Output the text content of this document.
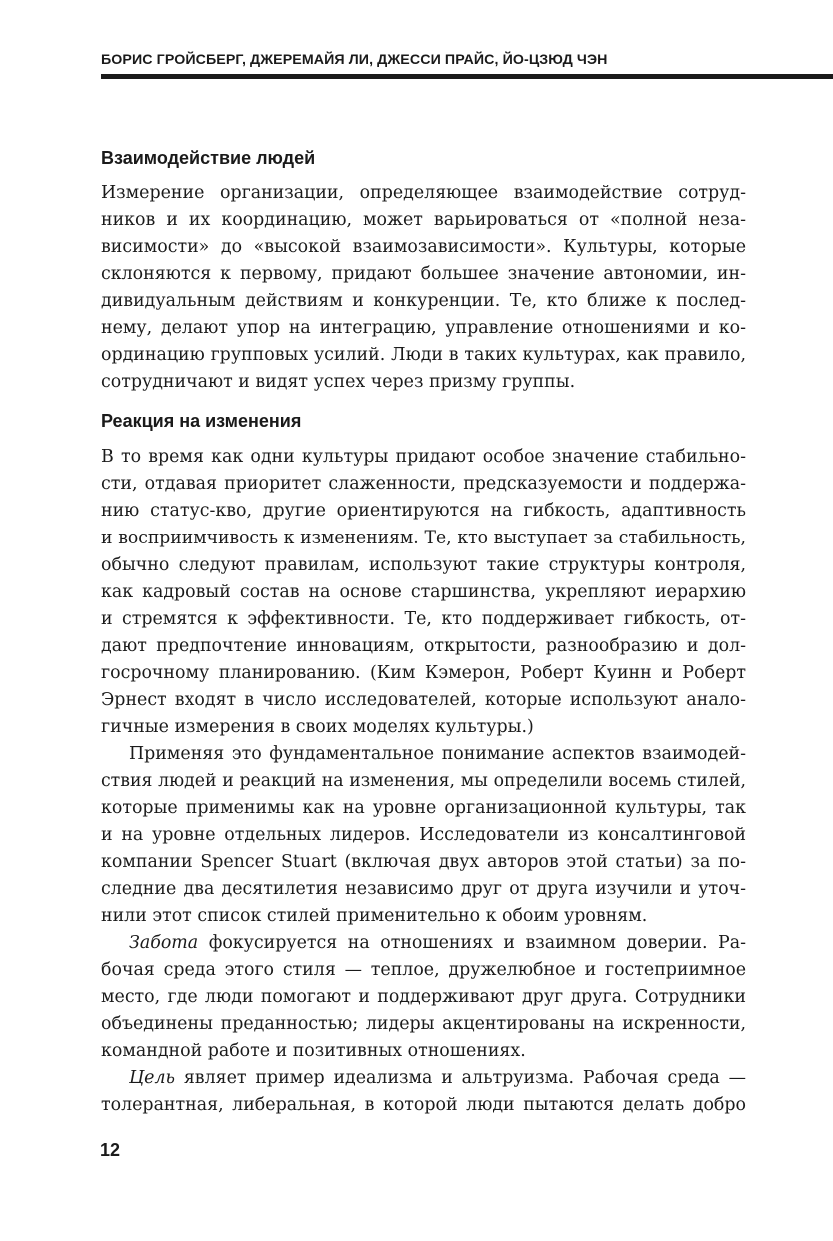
БОРИС ГРОЙСБЕРГ, ДЖЕРЕМАЙЯ ЛИ, ДЖЕССИ ПРАЙС, ЙО-ЦЗЮД ЧЭН
Взаимодействие людей
Измерение организации, определяющее взаимодействие сотруд-
ников и их координацию, может варьироваться от «полной неза-
висимости» до «высокой взаимозависимости». Культуры, которые
склоняются к первому, придают большее значение автономии, ин-
дивидуальным действиям и конкуренции. Те, кто ближе к послед-
нему, делают упор на интеграцию, управление отношениями и ко-
ординацию групповых усилий. Люди в таких культурах, как правило,
сотрудничают и видят успех через призму группы.
Реакция на изменения
В то время как одни культуры придают особое значение стабильно-
сти, отдавая приоритет слаженности, предсказуемости и поддержа-
нию статус-кво, другие ориентируются на гибкость, адаптивность
и восприимчивость к изменениям. Те, кто выступает за стабильность,
обычно следуют правилам, используют такие структуры контроля,
как кадровый состав на основе старшинства, укрепляют иерархию
и стремятся к эффективности. Те, кто поддерживает гибкость, от-
дают предпочтение инновациям, открытости, разнообразию и дол-
госрочному планированию. (Ким Кэмерон, Роберт Куинн и Роберт
Эрнест входят в число исследователей, которые используют анало-
гичные измерения в своих моделях культуры.)
Применяя это фундаментальное понимание аспектов взаимодей-
ствия людей и реакций на изменения, мы определили восемь стилей,
которые применимы как на уровне организационной культуры, так
и на уровне отдельных лидеров. Исследователи из консалтинговой
компании Spencer Stuart (включая двух авторов этой статьи) за по-
следние два десятилетия независимо друг от друга изучили и уточ-
нили этот список стилей применительно к обоим уровням.
Забота фокусируется на отношениях и взаимном доверии. Ра-
бочая среда этого стиля — теплое, дружелюбное и гостеприимное
место, где люди помогают и поддерживают друг друга. Сотрудники
объединены преданностью; лидеры акцентированы на искренности,
командной работе и позитивных отношениях.
Цель являет пример идеализма и альтруизма. Рабочая среда —
толерантная, либеральная, в которой люди пытаются делать добро
12
